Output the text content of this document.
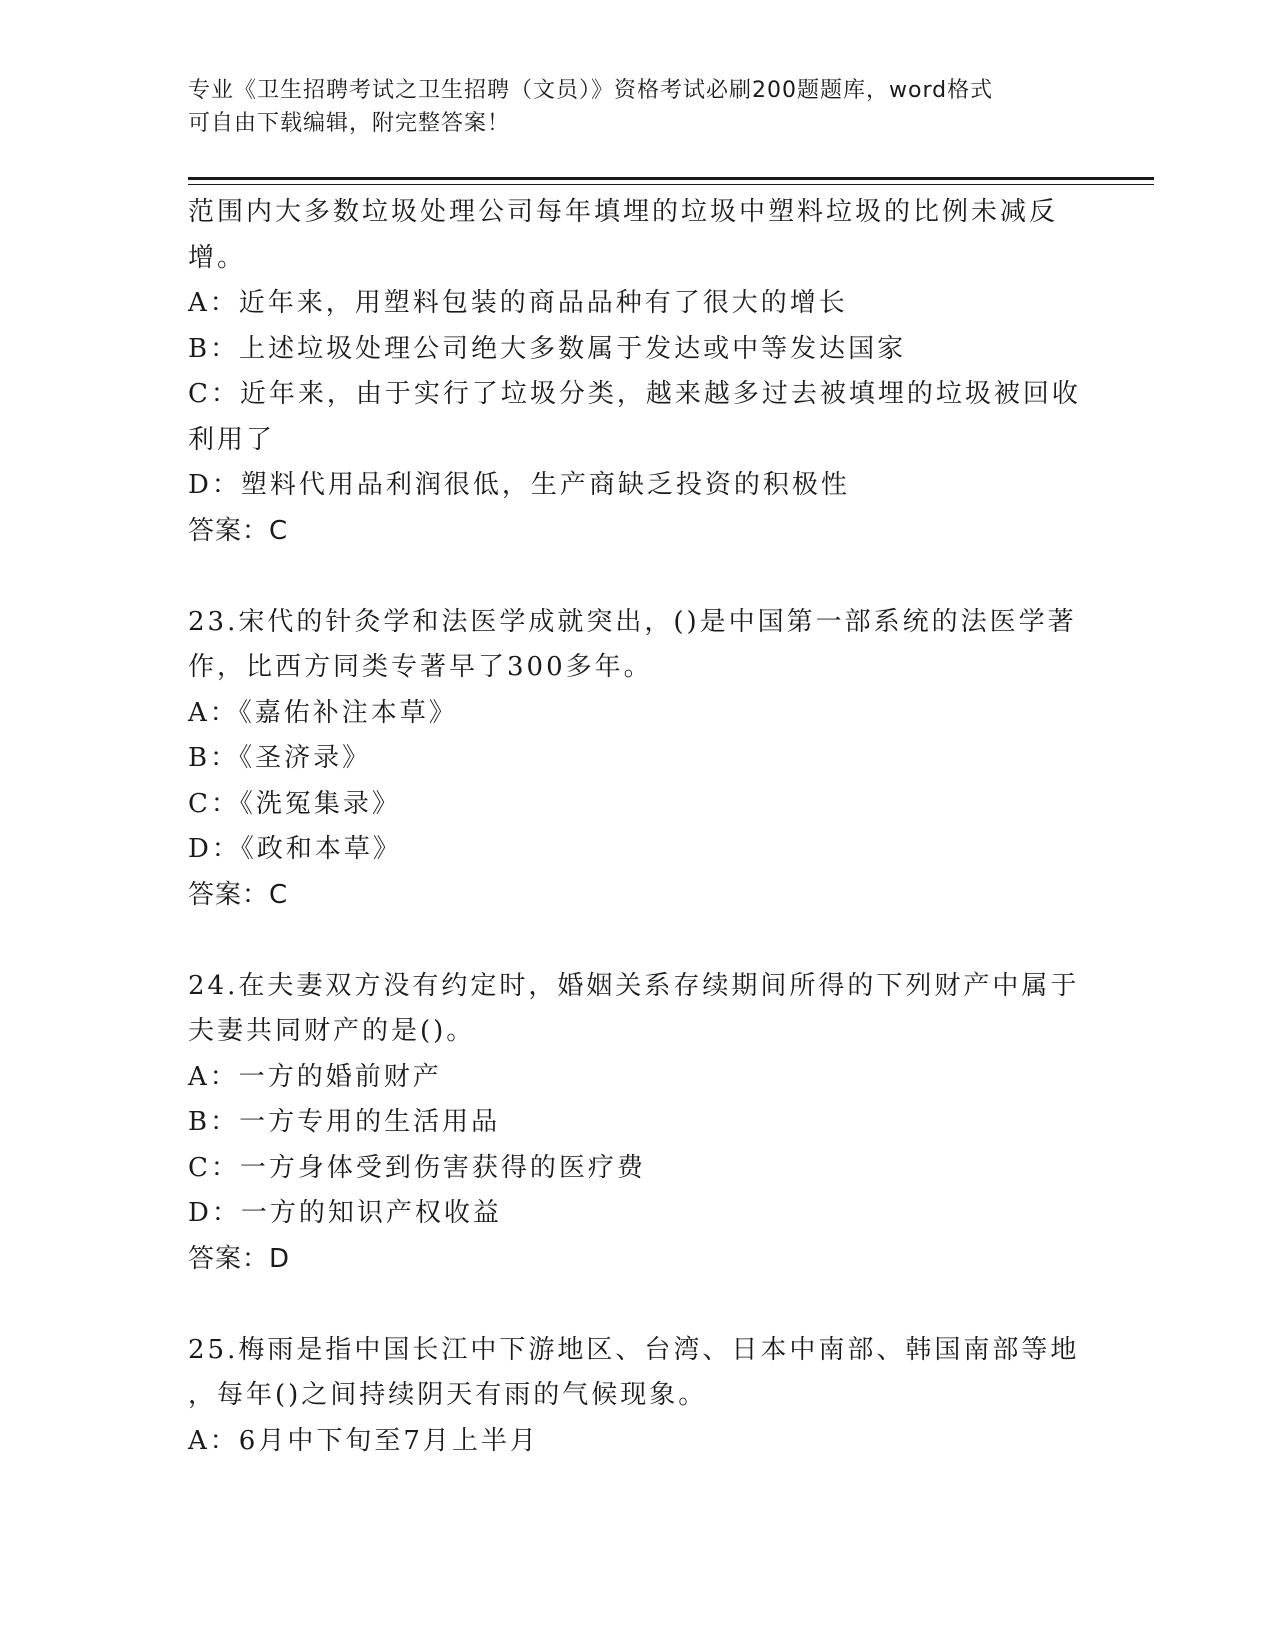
专业《卫生招聘考试之卫生招聘（文员）》资格考试必刷200题题库，word格式
可自由下载编辑，附完整答案！
范围内大多数垃圾处理公司每年填埋的垃圾中塑料垃圾的比例未减反
增。
A：近年来，用塑料包装的商品品种有了很大的增长
B：上述垃圾处理公司绝大多数属于发达或中等发达国家
C：近年来，由于实行了垃圾分类，越来越多过去被填埋的垃圾被回收
利用了
D：塑料代用品利润很低，生产商缺乏投资的积极性
答案：C
23.宋代的针灸学和法医学成就突出，()是中国第一部系统的法医学著
作，比西方同类专著早了300多年。
A：《嘉佑补注本草》
B：《圣济录》
C：《洗冤集录》
D：《政和本草》
答案：C
24.在夫妻双方没有约定时，婚姻关系存续期间所得的下列财产中属于
夫妻共同财产的是()。
A：一方的婚前财产
B：一方专用的生活用品
C：一方身体受到伤害获得的医疗费
D：一方的知识产权收益
答案：D
25.梅雨是指中国长江中下游地区、台湾、日本中南部、韩国南部等地
，每年()之间持续阴天有雨的气候现象。
A：6月中下旬至7月上半月
